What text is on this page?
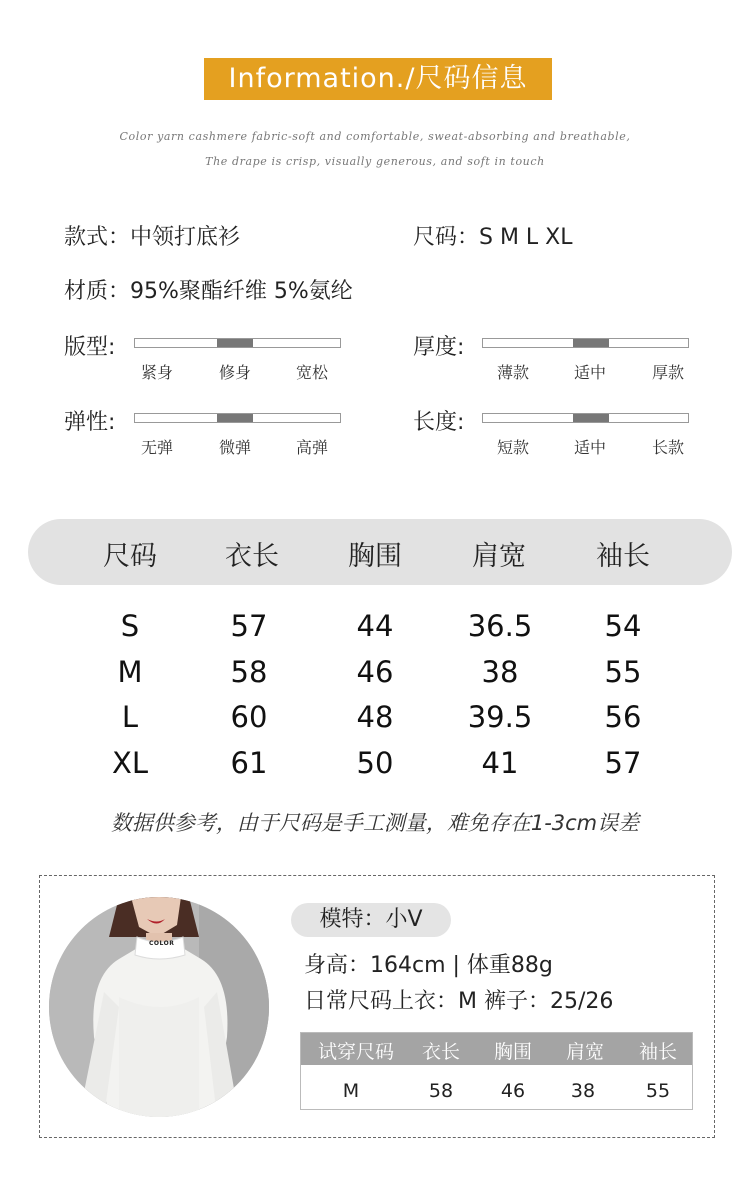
Information./尺码信息
Color yarn cashmere fabric-soft and comfortable, sweat-absorbing and breathable,
The drape is crisp, visually generous, and soft in touch
款式：中领打底衫	尺码：S M L XL
材质：95%聚酯纤维 5%氨纶
版型:
紧身	修身	宽松
厚度:
薄款	适中	厚款
弹性:
无弹	微弹	高弹
长度:
短款	适中	长款
尺码	衣长	胸围	肩宽	袖长
S	57	44	36.5	54
M	58	46	38	55
L	60	48	39.5	56
XL	61	50	41	57
数据供参考，由于尺码是手工测量，难免存在1-3cm误差
COLOR
模特：小V
身高：164cm | 体重88g
日常尺码上衣：M 裤子：25/26
试穿尺码	衣长	胸围	肩宽	袖长
M	58	46	38	55
